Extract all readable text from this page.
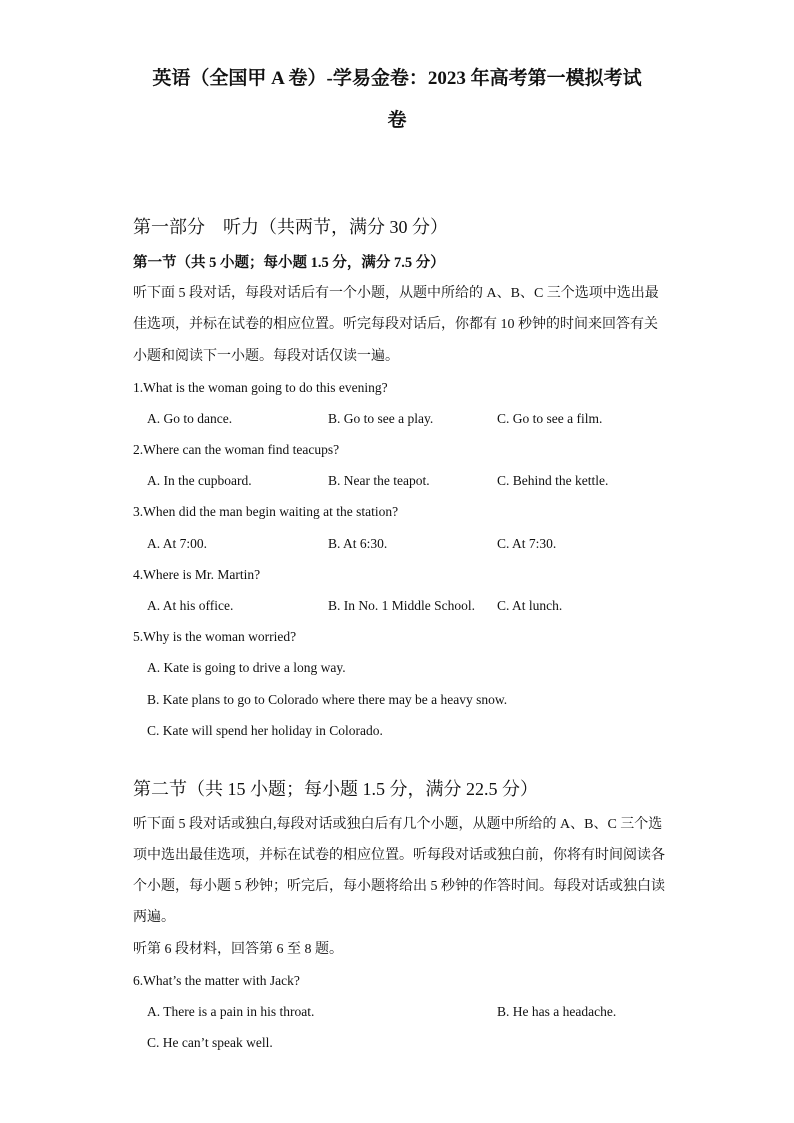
英语（全国甲 A 卷）-学易金卷：2023 年高考第一模拟考试
卷
第一部分　听力（共两节，满分 30 分）
第一节（共 5 小题；每小题 1.5 分，满分 7.5 分）
听下面 5 段对话，每段对话后有一个小题，从题中所给的 A、B、C 三个选项中选出最
佳选项，并标在试卷的相应位置。听完每段对话后，你都有 10 秒钟的时间来回答有关
小题和阅读下一小题。每段对话仅读一遍。
1.What is the woman going to do this evening?
A. Go to dance.	B. Go to see a play.	C. Go to see a film.
2.Where can the woman find teacups?
A. In the cupboard.	B. Near the teapot.	C. Behind the kettle.
3.When did the man begin waiting at the station?
A. At 7:00.	B. At 6:30.	C. At 7:30.
4.Where is Mr. Martin?
A. At his office.	B. In No. 1 Middle School. C. At lunch.
5.Why is the woman worried?
A. Kate is going to drive a long way.
B. Kate plans to go to Colorado where there may be a heavy snow.
C. Kate will spend her holiday in Colorado.
第二节（共 15 小题；每小题 1.5 分，满分 22.5 分）
听下面 5 段对话或独白,每段对话或独白后有几个小题，从题中所给的 A、B、C 三个选
项中选出最佳选项，并标在试卷的相应位置。听每段对话或独白前，你将有时间阅读各
个小题，每小题 5 秒钟；听完后，每小题将给出 5 秒钟的作答时间。每段对话或独白读
两遍。
听第 6 段材料，回答第 6 至 8 题。
6.What’s the matter with Jack?
A. There is a pain in his throat.	B. He has a headache.
C. He can’t speak well.
